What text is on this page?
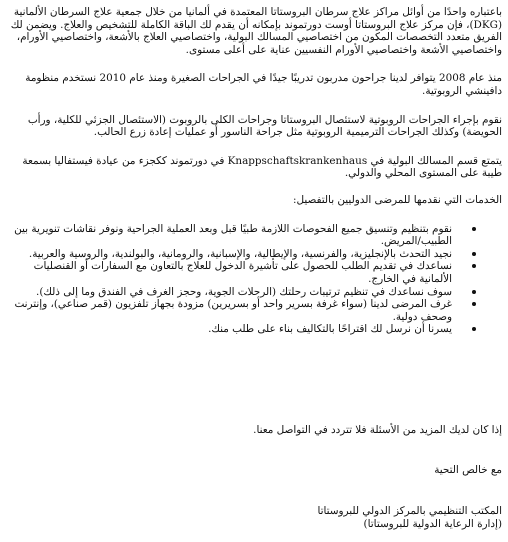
باعتباره واحدًا من أوائل مراكز علاج سرطان البروستاتا المعتمدة في ألمانيا من خلال جمعية علاج السرطان الألمانية (DKG)، فإن مركز علاج البروستاتا أوست دورتموند بإمكانه أن يقدم لك الباقة الكاملة للتشخيص والعلاج. ويضمن لك الفريق متعدد التخصصات المكون من اختصاصيي المسالك البولية، واختصاصيي العلاج بالأشعة، واختصاصيي الأورام، واختصاصيي الأشعة واختصاصيي الأورام النفسيين عناية على أعلى مستوى.

منذ عام 2008 يتوافر لدينا جراحون مدربون تدريبًا جيدًا في الجراحات الصغيرة ومنذ عام 2010 نستخدم منظومة دافينشي الروبوتية.

نقوم بإجراء الجراحات الروبوتية لاستئصال البروستاتا وجراحات الكلى بالروبوت (الاستئصال الجزئي للكلية، ورأب الحويضة) وكذلك الجراحات الترميمية الروبوتية مثل جراحة الناسور أو عمليات إعادة زرع الحالب.

يتمتع قسم المسالك البولية في Knappschaftskrankenhaus في دورتموند ككجزء من عيادة فيستفاليا بسمعة طيبة على المستوى المحلي والدولي.

الخدمات التي نقدمها للمرضى الدوليين بالتفصيل:

نقوم بتنظيم وتنسيق جميع الفحوصات اللازمة طبيًا قبل وبعد العملية الجراحية ونوفر نقاشات تنويرية بين الطبيب/المريض.
نجيد التحدث بالإنجليزية، والفرنسية، والإيطالية، والإسبانية، والرومانية، والبولندية، والروسية والعربية.
نساعدك في تقديم الطلب للحصول على تأشيرة الدخول للعلاج بالتعاون مع السفارات أو القنصليات الألمانية في الخارج.
سوف نساعدك في تنظيم ترتيبات رحلتك (الرحلات الجوية، وحجز الغرف في الفندق وما إلى ذلك).
غرف المرضى لدينا (سواء غرفة بسرير واحد أو بسريرين) مزودة بجهاز تلفزيون (قمر صناعي)، وإنترنت وصحف دولية.
يسرنا أن نرسل لك اقتراحًا بالتكاليف بناء على طلب منك.
إذا كان لديك المزيد من الأسئلة فلا تتردد في التواصل معنا.
مع خالص التحية
المكتب التنظيمي بالمركز الدولي للبروستاتا
(إدارة الرعاية الدولية للبروستاتا)
